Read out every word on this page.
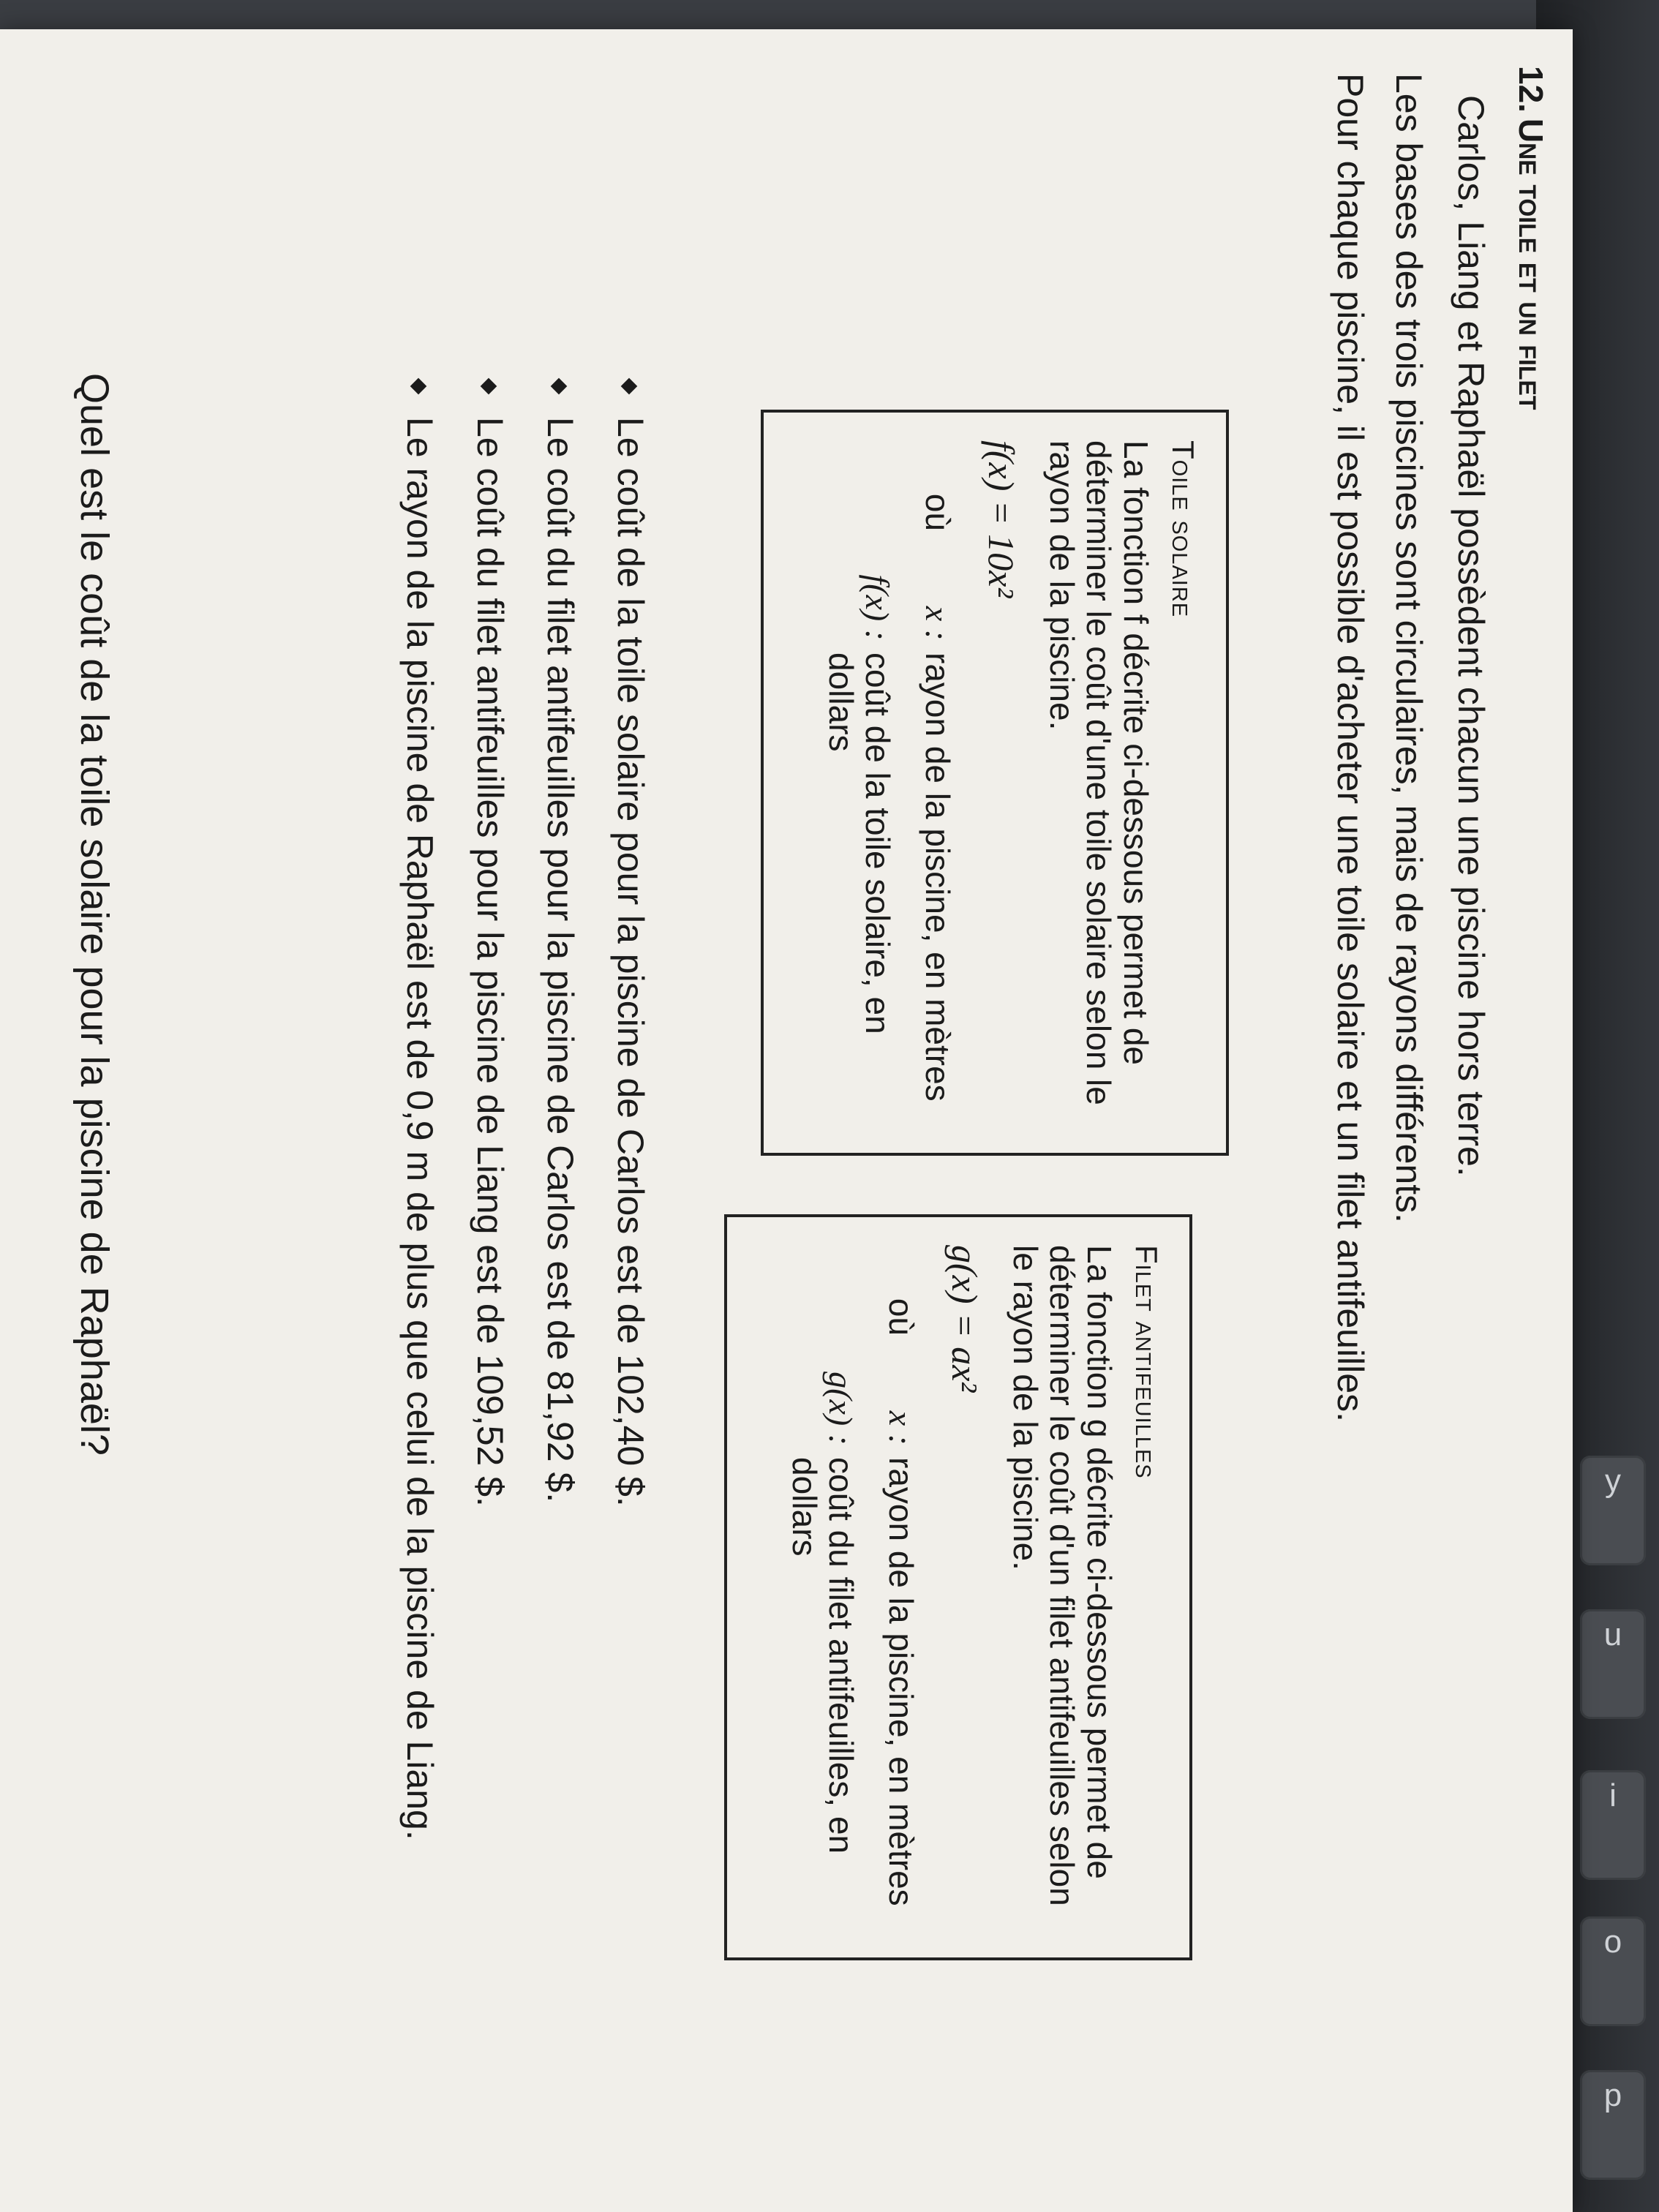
p
o
i
u
y
12.Une toile et un filet
Carlos, Liang et Raphaël possèdent chacun une piscine hors terre.
Les bases des trois piscines sont circulaires, mais de rayons différents.
Pour chaque piscine, il est possible d'acheter une toile solaire et un filet antifeuilles.
Toile solaire
La fonction f décrite ci-dessous permet de déterminer le coût d'une toile solaire selon le rayon de la piscine.
f(x) = 10x²
où
x :
rayon de la piscine, en mètres
f(x) :
coût de la toile solaire, en dollars
Filet antifeuilles
La fonction g décrite ci-dessous permet de déterminer le coût d'un filet antifeuilles selon le rayon de la piscine.
g(x) = ax²
où
x :
rayon de la piscine, en mètres
g(x) :
coût du filet antifeuilles, en dollars
Le coût de la toile solaire pour la piscine de Carlos est de 102,40 $.
Le coût du filet antifeuilles pour la piscine de Carlos est de 81,92 $.
Le coût du filet antifeuilles pour la piscine de Liang est de 109,52 $.
Le rayon de la piscine de Raphaël est de 0,9 m de plus que celui de la piscine de Liang.
Quel est le coût de la toile solaire pour la piscine de Raphaël?
